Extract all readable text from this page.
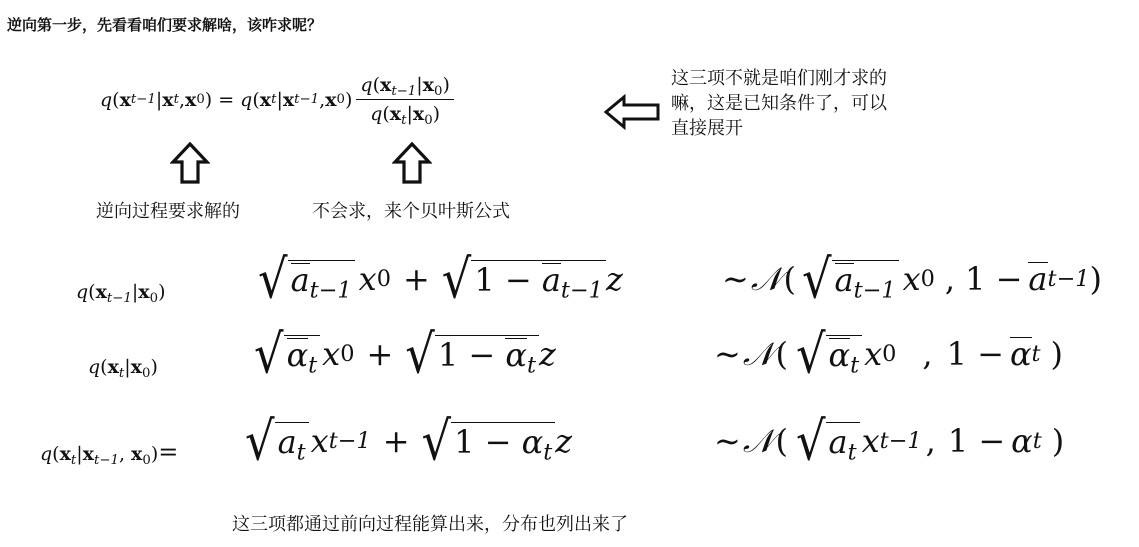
逆向第一步，先看看咱们要求解啥，该咋求呢？
q ( x t−1 | x t , x 0 ) = q ( x t | x t−1 , x 0 ) $\frac{q(x_{t-1}|x_0)}{q(x_t|x_0)}$	这三项不就是咱们刚才求的
嘛，这是已知条件了，可以
直接展开
逆向过程要求解的	不会求，来个贝叶斯公式
$q(x_{t-1}|x_0)$ √ $a_{t-1}$ x 0 + √ $1 - a_{t-1}$ z	∼ 𝒩 ( √ $a_{t-1}$ x 0 , 1 − a t−1 )
$q(x_t|x_0)$ √ $\alpha_t$ x 0 + √ $1 - \alpha_t$ z	∼ 𝒩 ( √ $\alpha_t$ x 0 , 1 − α t )
$q(x_t|x_{t-1}$, $x_0)=$ √ $a_t$ x t−1 + √ $1 - \alpha_t$ z	∼ 𝒩 ( √ $a_t$ x t−1 , 1 − α t )
这三项都通过前向过程能算出来，分布也列出来了
